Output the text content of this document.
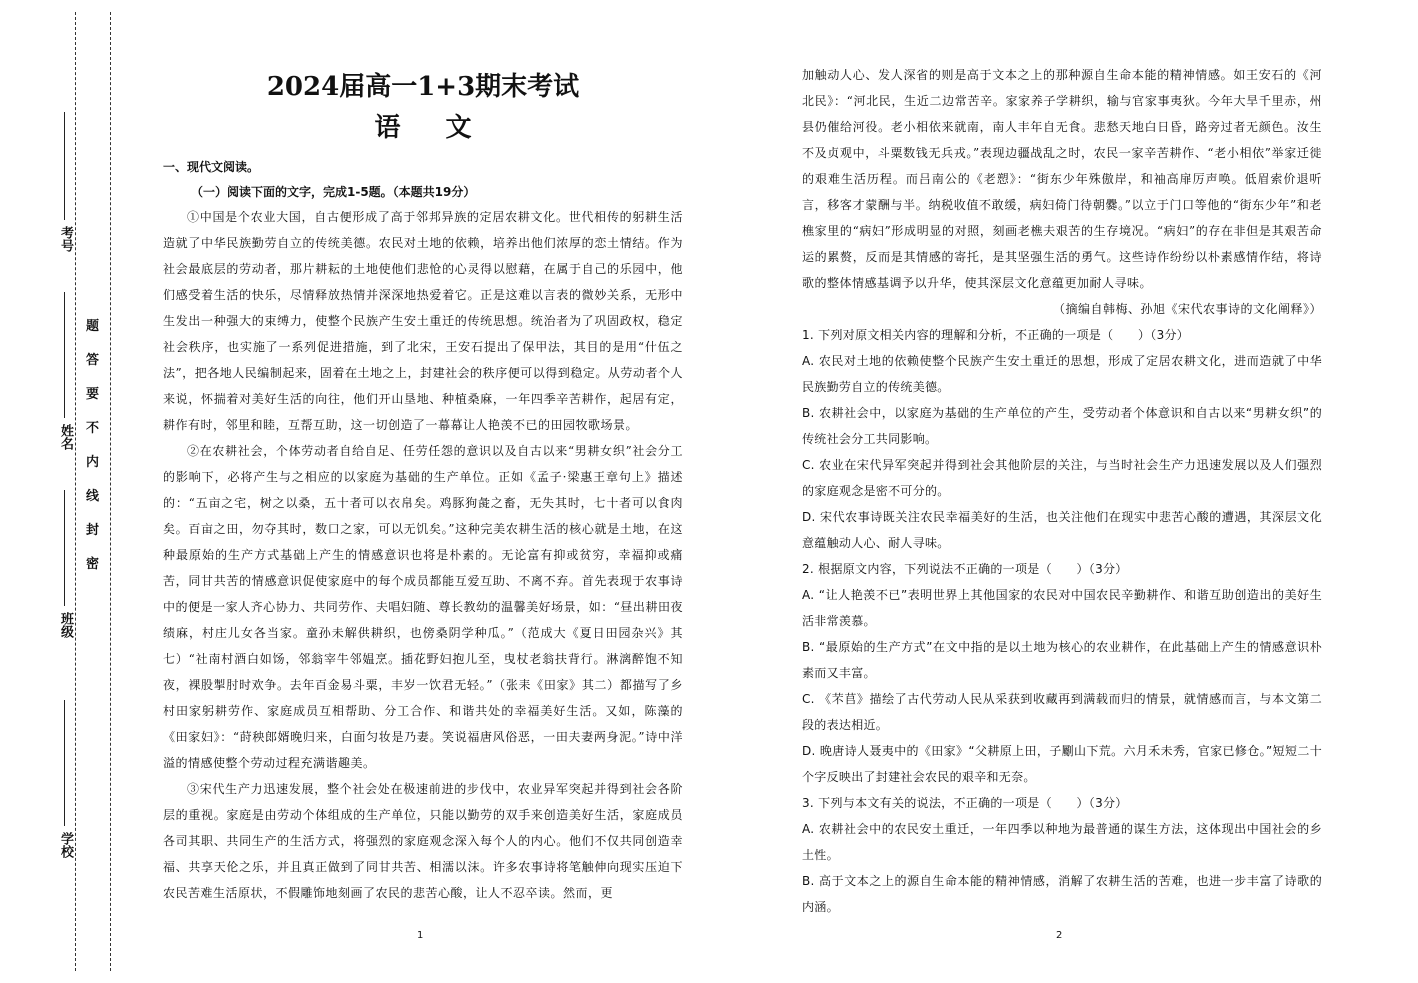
考号
姓名
班级
学校
题
答
要
不
内
线
封
密
2024届高一1+3期末考试
语 文
一、现代文阅读。
（一）阅读下面的文字，完成1-5题。（本题共19分）

①中国是个农业大国，自古便形成了高于邻邦异族的定居农耕文化。世代相传的躬耕生活造就了中华民族勤劳自立的传统美德。农民对土地的依赖，培养出他们浓厚的恋土情结。作为社会最底层的劳动者，那片耕耘的土地使他们悲怆的心灵得以慰藉，在属于自己的乐园中，他们感受着生活的快乐，尽情释放热情并深深地热爱着它。正是这难以言表的微妙关系，无形中生发出一种强大的束缚力，使整个民族产生安土重迁的传统思想。统治者为了巩固政权，稳定社会秩序，也实施了一系列促进措施，到了北宋，王安石提出了保甲法，其目的是用“什伍之法”，把各地人民编制起来，固着在土地之上，封建社会的秩序便可以得到稳定。从劳动者个人来说，怀揣着对美好生活的向往，他们开山垦地、种植桑麻，一年四季辛苦耕作，起居有定，耕作有时，邻里和睦，互帮互助，这一切创造了一幕幕让人艳羡不已的田园牧歌场景。

②在农耕社会，个体劳动者自给自足、任劳任怨的意识以及自古以来“男耕女织”社会分工的影响下，必将产生与之相应的以家庭为基础的生产单位。正如《孟子·梁惠王章句上》描述的：“五亩之宅，树之以桑，五十者可以衣帛矣。鸡豚狗彘之畜，无失其时，七十者可以食肉矣。百亩之田，勿夺其时，数口之家，可以无饥矣。”这种完美农耕生活的核心就是土地，在这种最原始的生产方式基础上产生的情感意识也将是朴素的。无论富有抑或贫穷，幸福抑或痛苦，同甘共苦的情感意识促使家庭中的每个成员都能互爱互助、不离不弃。首先表现于农事诗中的便是一家人齐心协力、共同劳作、夫唱妇随、尊长教幼的温馨美好场景，如：“昼出耕田夜绩麻，村庄儿女各当家。童孙未解供耕织，也傍桑阴学种瓜。”（范成大《夏日田园杂兴》其七）“社南村酒白如饧，邻翁宰牛邻媪烹。插花野妇抱儿至，曳杖老翁扶背行。淋漓醉饱不知夜，裸股掣肘时欢争。去年百金易斗粟，丰岁一饮君无轻。”（张耒《田家》其二）都描写了乡村田家躬耕劳作、家庭成员互相帮助、分工合作、和谐共处的幸福美好生活。又如，陈藻的《田家妇》：“莳秧郎婿晚归来，白面匀妆是乃妻。笑说福唐风俗恶，一田夫妻两身泥。”诗中洋溢的情感使整个劳动过程充满谐趣美。

③宋代生产力迅速发展，整个社会处在极速前进的步伐中，农业异军突起并得到社会各阶层的重视。家庭是由劳动个体组成的生产单位，只能以勤劳的双手来创造美好生活，家庭成员各司其职、共同生产的生活方式，将强烈的家庭观念深入每个人的内心。他们不仅共同创造幸福、共享天伦之乐，并且真正做到了同甘共苦、相濡以沫。许多农事诗将笔触伸向现实压迫下农民苦难生活原状，不假雕饰地刻画了农民的悲苦心酸，让人不忍卒读。然而，更

1

加触动人心、发人深省的则是高于文本之上的那种源自生命本能的精神情感。如王安石的《河北民》：“河北民，生近二边常苦辛。家家养子学耕织，输与官家事夷狄。今年大旱千里赤，州县仍催给河役。老小相依来就南，南人丰年自无食。悲愁天地白日昏，路旁过者无颜色。汝生不及贞观中，斗粟数钱无兵戎。”表现边疆战乱之时，农民一家辛苦耕作、“老小相依”举家迁徙的艰难生活历程。而吕南公的《老愬》：“街东少年殊傲岸，和袖高扉厉声唤。低眉索价退听言，移客才蒙酬与半。纳税收值不敢缓，病妇倚门待朝爨。”以立于门口等他的“街东少年”和老樵家里的“病妇”形成明显的对照，刻画老樵夫艰苦的生存境况。“病妇”的存在非但是其艰苦命运的累赘，反而是其情感的寄托，是其坚强生活的勇气。这些诗作纷纷以朴素感情作结，将诗歌的整体情感基调予以升华，使其深层文化意蕴更加耐人寻味。

（摘编自韩梅、孙旭《宋代农事诗的文化阐释》）

1. 下列对原文相关内容的理解和分析，不正确的一项是（　　）（3分）

A. 农民对土地的依赖使整个民族产生安土重迁的思想，形成了定居农耕文化，进而造就了中华民族勤劳自立的传统美德。

B. 农耕社会中，以家庭为基础的生产单位的产生，受劳动者个体意识和自古以来“男耕女织”的传统社会分工共同影响。

C. 农业在宋代异军突起并得到社会其他阶层的关注，与当时社会生产力迅速发展以及人们强烈的家庭观念是密不可分的。

D. 宋代农事诗既关注农民幸福美好的生活，也关注他们在现实中悲苦心酸的遭遇，其深层文化意蕴触动人心、耐人寻味。

2. 根据原文内容，下列说法不正确的一项是（　　）（3分）

A. “让人艳羡不已”表明世界上其他国家的农民对中国农民辛勤耕作、和谐互助创造出的美好生活非常羡慕。

B. “最原始的生产方式”在文中指的是以土地为核心的农业耕作，在此基础上产生的情感意识朴素而又丰富。

C. 《芣苢》描绘了古代劳动人民从采获到收藏再到满载而归的情景，就情感而言，与本文第二段的表达相近。

D. 晚唐诗人聂夷中的《田家》“父耕原上田，子劚山下荒。六月禾未秀，官家已修仓。”短短二十个字反映出了封建社会农民的艰辛和无奈。

3. 下列与本文有关的说法，不正确的一项是（　　）（3分）

A. 农耕社会中的农民安土重迁，一年四季以种地为最普通的谋生方法，这体现出中国社会的乡土性。

B. 高于文本之上的源自生命本能的精神情感，消解了农耕生活的苦难，也进一步丰富了诗歌的内涵。

2
